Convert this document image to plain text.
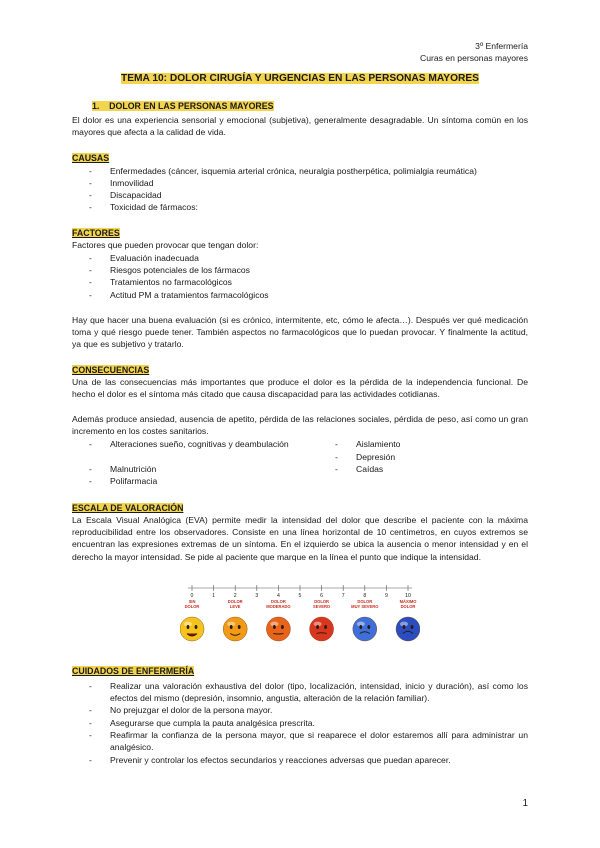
3º Enfermería
Curas en personas mayores
TEMA 10: DOLOR CIRUGÍA Y URGENCIAS EN LAS PERSONAS MAYORES
1. DOLOR EN LAS PERSONAS MAYORES
El dolor es una experiencia sensorial y emocional (subjetiva), generalmente desagradable. Un síntoma común en los mayores que afecta a la calidad de vida.
CAUSAS
- Enfermedades (cáncer, isquemia arterial crónica, neuralgia postherpética, polimialgia reumática)
- Inmovilidad
- Discapacidad
- Toxicidad de fármacos:
FACTORES
Factores que pueden provocar que tengan dolor:
- Evaluación inadecuada
- Riesgos potenciales de los fármacos
- Tratamientos no farmacológicos
- Actitud PM a tratamientos farmacológicos
Hay que hacer una buena evaluación (si es crónico, intermitente, etc, cómo le afecta…). Después ver qué medicación toma y qué riesgo puede tener. También aspectos no farmacológicos que lo puedan provocar. Y finalmente la actitud, ya que es subjetivo y tratarlo.
CONSECUENCIAS
Una de las consecuencias más importantes que produce el dolor es la pérdida de la independencia funcional. De hecho el dolor es el síntoma más citado que causa discapacidad para las actividades cotidianas.
Además produce ansiedad, ausencia de apetito, pérdida de las relaciones sociales, pérdida de peso, así como un gran incremento en los costes sanitarios.
- Alteraciones sueño, cognitivas y deambulación
- Malnutrición
- Polifarmacia
- Aislamiento
- Depresión
- Caídas
ESCALA DE VALORACIÓN
La Escala Visual Analógica (EVA) permite medir la intensidad del dolor que describe el paciente con la máxima reproducibilidad entre los observadores. Consiste en una línea horizontal de 10 centímetros, en cuyos extremos se encuentran las expresiones extremas de un síntoma. En el izquierdo se ubica la ausencia o menor intensidad y en el derecho la mayor intensidad. Se pide al paciente que marque en la línea el punto que indique la intensidad.
0	1	2	3	4	5	6	7	8	9	10
SIN DOLOR
DOLOR LEVE
DOLOR MODERADO
DOLOR SEVERO
DOLOR MUY SEVERO
MÁXIMO DOLOR
CUIDADOS DE ENFERMERÍA
- Realizar una valoración exhaustiva del dolor (tipo, localización, intensidad, inicio y duración), así como los efectos del mismo (depresión, insomnio, angustia, alteración de la relación familiar).
- No prejuzgar el dolor de la persona mayor.
- Asegurarse que cumpla la pauta analgésica prescrita.
- Reafirmar la confianza de la persona mayor, que si reaparece el dolor estaremos allí para administrar un analgésico.
- Prevenir y controlar los efectos secundarios y reacciones adversas que puedan aparecer.
1
